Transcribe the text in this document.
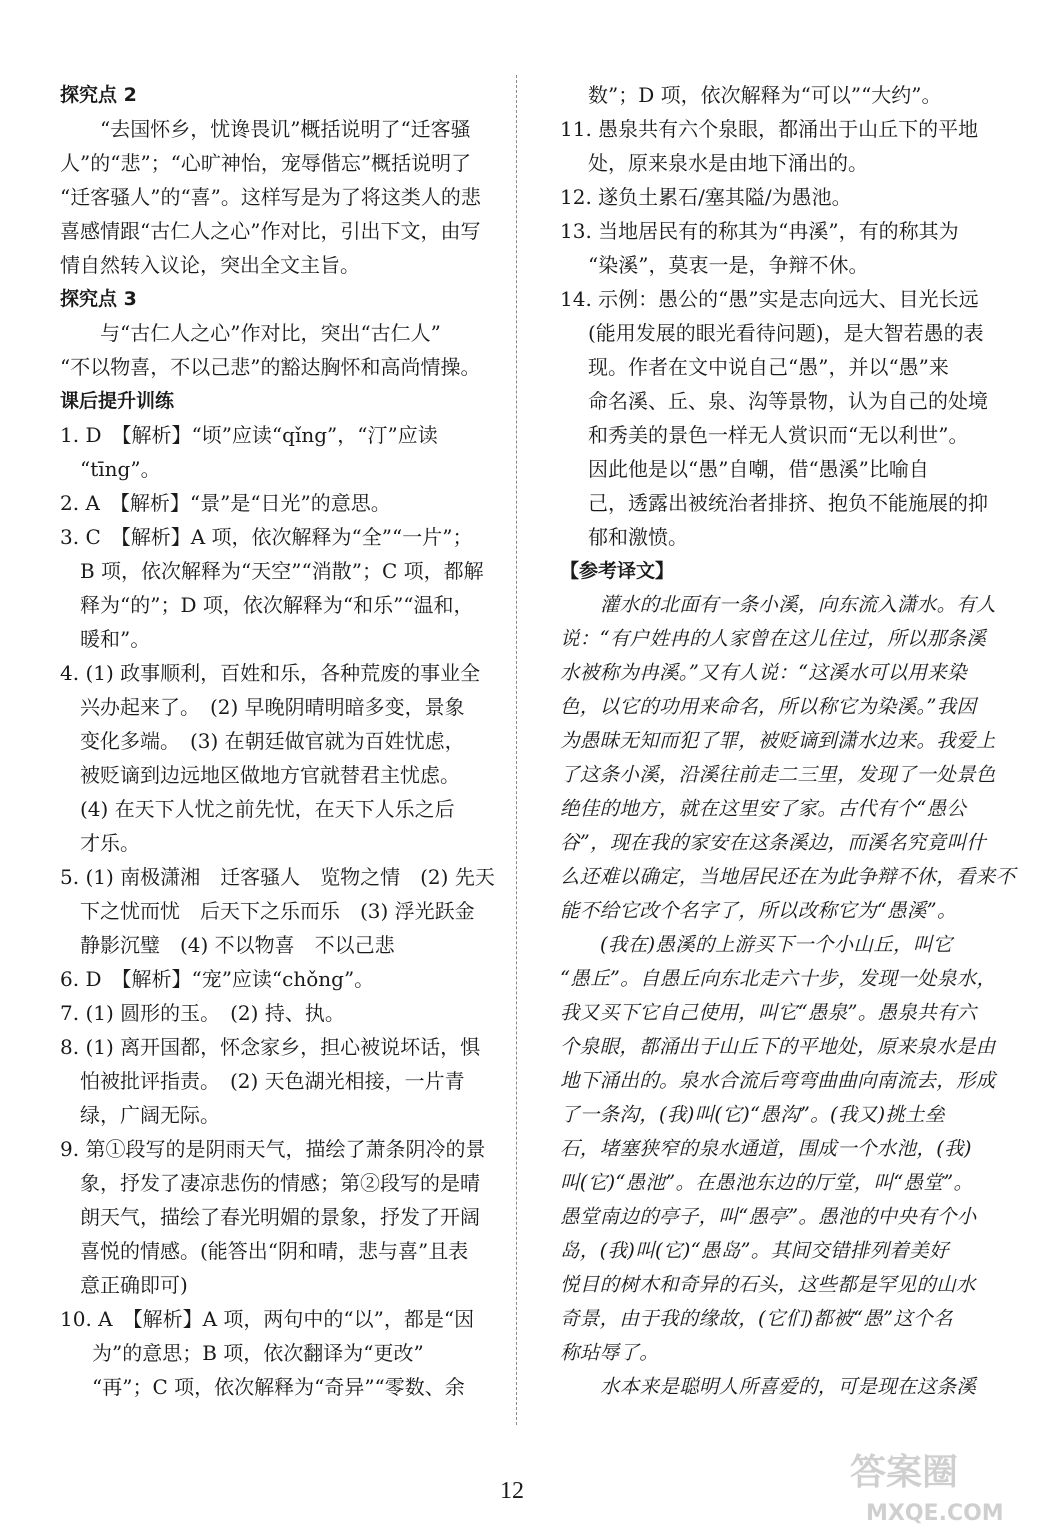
探究点 2
“去国怀乡，忧谗畏讥”概括说明了“迁客骚
人”的“悲”；“心旷神怡，宠辱偕忘”概括说明了
“迁客骚人”的“喜”。这样写是为了将这类人的悲
喜感情跟“古仁人之心”作对比，引出下文，由写
情自然转入议论，突出全文主旨。
探究点 3
与“古仁人之心”作对比，突出“古仁人”
“不以物喜，不以己悲”的豁达胸怀和高尚情操。
课后提升训练
1. D　【解析】“顷”应读“qǐng”，“汀”应读
“tīng”。
2. A　【解析】“景”是“日光”的意思。
3. C　【解析】A 项，依次解释为“全”“一片”；
B 项，依次解释为“天空”“消散”；C 项，都解
释为“的”；D 项，依次解释为“和乐”“温和，
暖和”。
4. (1) 政事顺利，百姓和乐，各种荒废的事业全
兴办起来了。　(2) 早晚阴晴明暗多变，景象
变化多端。　(3) 在朝廷做官就为百姓忧虑，
被贬谪到边远地区做地方官就替君主忧虑。
(4) 在天下人忧之前先忧，在天下人乐之后
才乐。
5. (1) 南极潇湘　迁客骚人　览物之情　(2) 先天
下之忧而忧　后天下之乐而乐　(3) 浮光跃金
静影沉璧　(4) 不以物喜　不以己悲
6. D　【解析】“宠”应读“chǒng”。
7. (1) 圆形的玉。　(2) 持、执。
8. (1) 离开国都，怀念家乡，担心被说坏话，惧
怕被批评指责。　(2) 天色湖光相接，一片青
绿，广阔无际。
9. 第①段写的是阴雨天气，描绘了萧条阴冷的景
象，抒发了凄凉悲伤的情感；第②段写的是晴
朗天气，描绘了春光明媚的景象，抒发了开阔
喜悦的情感。(能答出“阴和晴，悲与喜”且表
意正确即可)
10. A　【解析】A 项，两句中的“以”，都是“因
为”的意思；B 项，依次翻译为“更改”
“再”；C 项，依次解释为“奇异”“零数、余
数”；D 项，依次解释为“可以”“大约”。
11. 愚泉共有六个泉眼，都涌出于山丘下的平地
处，原来泉水是由地下涌出的。
12. 遂负土累石/塞其隘/为愚池。
13. 当地居民有的称其为“冉溪”，有的称其为
“染溪”，莫衷一是，争辩不休。
14. 示例：愚公的“愚”实是志向远大、目光长远
(能用发展的眼光看待问题)，是大智若愚的表
现。作者在文中说自己“愚”，并以“愚”来
命名溪、丘、泉、沟等景物，认为自己的处境
和秀美的景色一样无人赏识而“无以利世”。
因此他是以“愚”自嘲，借“愚溪”比喻自
己，透露出被统治者排挤、抱负不能施展的抑
郁和激愤。
【参考译文】
灌水的北面有一条小溪，向东流入潇水。有人
说：“有户姓冉的人家曾在这儿住过，所以那条溪
水被称为冉溪。”又有人说：“这溪水可以用来染
色，以它的功用来命名，所以称它为染溪。”我因
为愚昧无知而犯了罪，被贬谪到潇水边来。我爱上
了这条小溪，沿溪往前走二三里，发现了一处景色
绝佳的地方，就在这里安了家。古代有个“愚公
谷”，现在我的家安在这条溪边，而溪名究竟叫什
么还难以确定，当地居民还在为此争辩不休，看来不
能不给它改个名字了，所以改称它为“愚溪”。
(我在)愚溪的上游买下一个小山丘，叫它
“愚丘”。自愚丘向东北走六十步，发现一处泉水，
我又买下它自己使用，叫它“愚泉”。愚泉共有六
个泉眼，都涌出于山丘下的平地处，原来泉水是由
地下涌出的。泉水合流后弯弯曲曲向南流去，形成
了一条沟，(我)叫(它)“愚沟”。(我又)挑土垒
石，堵塞狭窄的泉水通道，围成一个水池，(我)
叫(它)“愚池”。在愚池东边的厅堂，叫“愚堂”。
愚堂南边的亭子，叫“愚亭”。愚池的中央有个小
岛，(我)叫(它)“愚岛”。其间交错排列着美好
悦目的树木和奇异的石头，这些都是罕见的山水
奇景，由于我的缘故，(它们)都被“愚”这个名
称玷辱了。
水本来是聪明人所喜爱的，可是现在这条溪
12	答案圈
MXQE.COM
